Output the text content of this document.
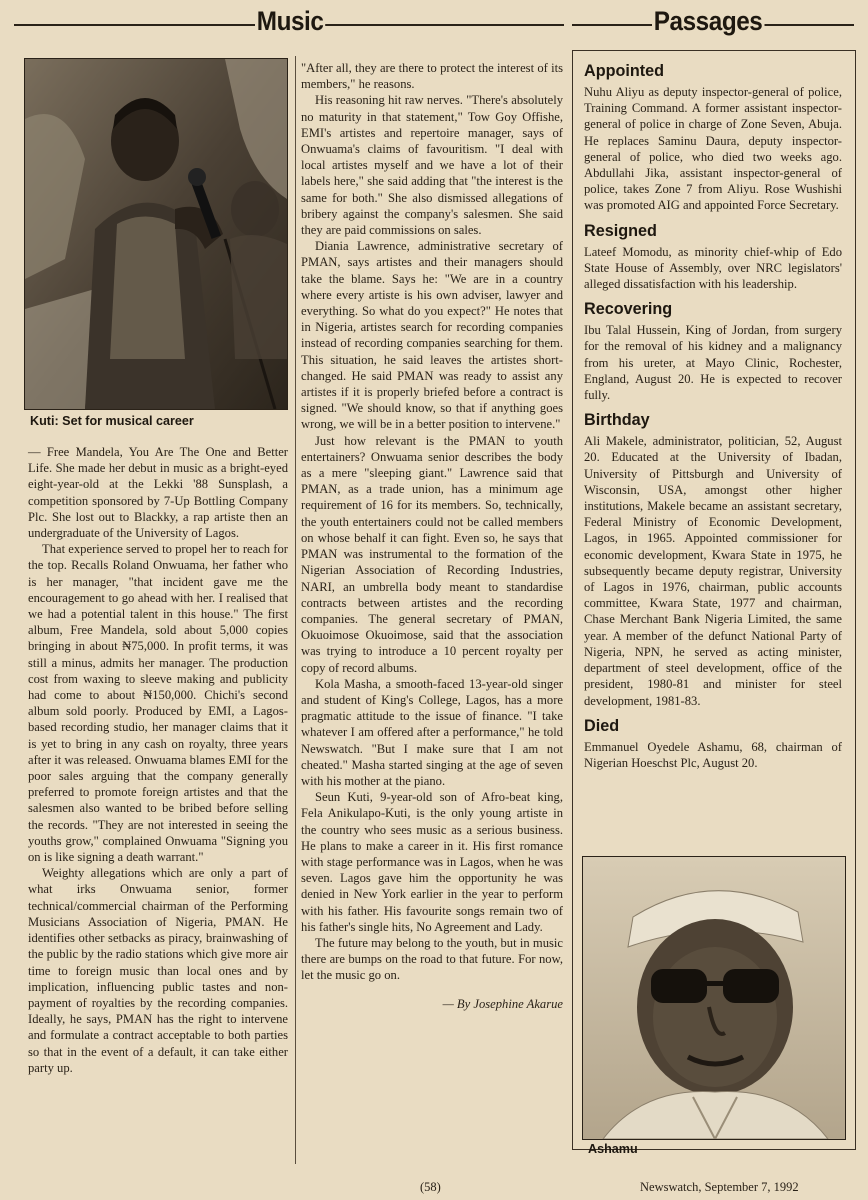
Music	Passages
Kuti: Set for musical career

— Free Mandela, You Are The One and Better Life. She made her debut in music as a bright-eyed eight-year-old at the Lekki '88 Sunsplash, a competition sponsored by 7-Up Bottling Company Plc. She lost out to Blackky, a rap artiste then an undergraduate of the University of Lagos.

That experience served to propel her to reach for the top. Recalls Roland Onwuama, her father who is her manager, "that incident gave me the encouragement to go ahead with her. I realised that we had a potential talent in this house." The first album, Free Mandela, sold about 5,000 copies bringing in about ₦75,000. In profit terms, it was still a minus, admits her manager. The production cost from waxing to sleeve making and publicity had come to about ₦150,000. Chichi's second album sold poorly. Produced by EMI, a Lagos-based recording studio, her manager claims that it is yet to bring in any cash on royalty, three years after it was released. Onwuama blames EMI for the poor sales arguing that the company generally preferred to promote foreign artistes and that the salesmen also wanted to be bribed before selling the records. "They are not interested in seeing the youths grow," complained Onwuama "Signing you on is like signing a death warrant."

Weighty allegations which are only a part of what irks Onwuama senior, former technical/commercial chairman of the Performing Musicians Association of Nigeria, PMAN. He identifies other setbacks as piracy, brainwashing of the public by the radio stations which give more air time to foreign music than local ones and by implication, influencing public tastes and non-payment of royalties by the recording companies. Ideally, he says, PMAN has the right to intervene and formulate a contract acceptable to both parties so that in the event of a default, it can take either party up.

"After all, they are there to protect the interest of its members," he reasons.

His reasoning hit raw nerves. "There's absolutely no maturity in that statement," Tow Goy Offishe, EMI's artistes and repertoire manager, says of Onwuama's claims of favouritism. "I deal with local artistes myself and we have a lot of their labels here," she said adding that "the interest is the same for both." She also dismissed allegations of bribery against the company's salesmen. She said they are paid commissions on sales.

Diania Lawrence, administrative secretary of PMAN, says artistes and their managers should take the blame. Says he: "We are in a country where every artiste is his own adviser, lawyer and everything. So what do you expect?" He notes that in Nigeria, artistes search for recording companies instead of recording companies searching for them. This situation, he said leaves the artistes short-changed. He said PMAN was ready to assist any artistes if it is properly briefed before a contract is signed. "We should know, so that if anything goes wrong, we will be in a better position to intervene."

Just how relevant is the PMAN to youth entertainers? Onwuama senior describes the body as a mere "sleeping giant." Lawrence said that PMAN, as a trade union, has a minimum age requirement of 16 for its members. So, technically, the youth entertainers could not be called members on whose behalf it can fight. Even so, he says that PMAN was instrumental to the formation of the Nigerian Association of Recording Industries, NARI, an umbrella body meant to standardise contracts between artistes and the recording companies. The general secretary of PMAN, Okuoimose Okuoimose, said that the association was trying to introduce a 10 percent royalty per copy of record albums.

Kola Masha, a smooth-faced 13-year-old singer and student of King's College, Lagos, has a more pragmatic attitude to the issue of finance. "I take whatever I am offered after a performance," he told Newswatch. "But I make sure that I am not cheated." Masha started singing at the age of seven with his mother at the piano.

Seun Kuti, 9-year-old son of Afro-beat king, Fela Anikulapo-Kuti, is the only young artiste in the country who sees music as a serious business. He plans to make a career in it. His first romance with stage performance was in Lagos, when he was seven. Lagos gave him the opportunity he was denied in New York earlier in the year to perform with his father. His favourite songs remain two of his father's single hits, No Agreement and Lady.

The future may belong to the youth, but in music there are bumps on the road to that future. For now, let the music go on.

— By Josephine Akarue

Appointed
Nuhu Aliyu as deputy inspector-general of police, Training Command. A former assistant inspector-general of police in charge of Zone Seven, Abuja. He replaces Saminu Daura, deputy inspector-general of police, who died two weeks ago. Abdullahi Jika, assistant inspector-general of police, takes Zone 7 from Aliyu. Rose Wushishi was promoted AIG and appointed Force Secretary.
Resigned
Lateef Momodu, as minority chief-whip of Edo State House of Assembly, over NRC legislators' alleged dissatisfaction with his leadership.
Recovering
Ibu Talal Hussein, King of Jordan, from surgery for the removal of his kidney and a malignancy from his ureter, at Mayo Clinic, Rochester, England, August 20. He is expected to recover fully.
Birthday
Ali Makele, administrator, politician, 52, August 20. Educated at the University of Ibadan, University of Pittsburgh and University of Wisconsin, USA, amongst other higher institutions, Makele became an assistant secretary, Federal Ministry of Economic Development, Lagos, in 1965. Appointed commissioner for economic development, Kwara State in 1975, he subsequently became deputy registrar, University of Lagos in 1976, chairman, public accounts committee, Kwara State, 1977 and chairman, Chase Merchant Bank Nigeria Limited, the same year. A member of the defunct National Party of Nigeria, NPN, he served as acting minister, department of steel development, office of the president, 1980-81 and minister for steel development, 1981-83.
Died
Emmanuel Oyedele Ashamu, 68, chairman of Nigerian Hoeschst Plc, August 20.
Ashamu
(58)	Newswatch, September 7, 1992
